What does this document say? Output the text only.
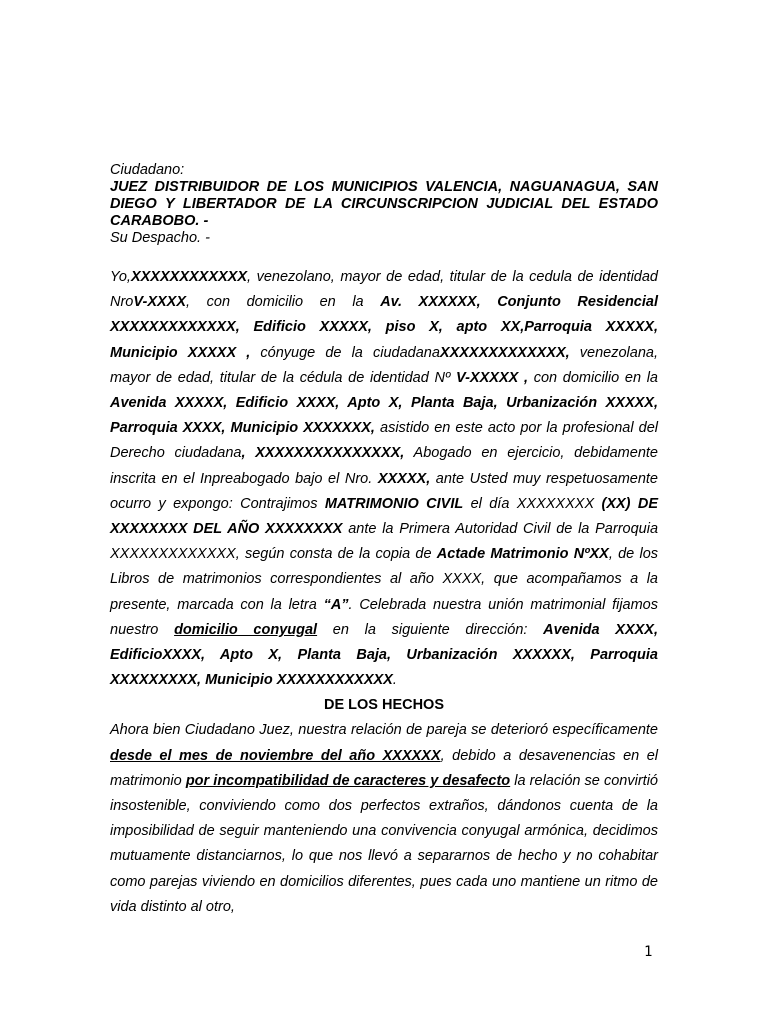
Ciudadano:
JUEZ DISTRIBUIDOR DE LOS MUNICIPIOS VALENCIA, NAGUANAGUA, SAN DIEGO Y LIBERTADOR DE LA CIRCUNSCRIPCION JUDICIAL DEL ESTADO CARABOBO. -
Su Despacho. -

Yo,XXXXXXXXXXXX, venezolano, mayor de edad, titular de la cedula de identidad NroV-XXXX, con domicilio en la Av. XXXXXX, Conjunto Residencial XXXXXXXXXXXXX, Edificio XXXXX, piso X, apto XX,Parroquia XXXXX, Municipio XXXXX , cónyuge de la ciudadanaXXXXXXXXXXXXX, venezolana, mayor de edad, titular de la cédula de identidad Nº V-XXXXX , con domicilio en la Avenida XXXXX, Edificio XXXX, Apto X, Planta Baja, Urbanización XXXXX, Parroquia XXXX, Municipio XXXXXXX, asistido en este acto por la profesional del Derecho ciudadana, XXXXXXXXXXXXXXX, Abogado en ejercicio, debidamente inscrita en el Inpreabogado bajo el Nro. XXXXX, ante Usted muy respetuosamente ocurro y expongo: Contrajimos MATRIMONIO CIVIL el día XXXXXXXX (XX) DE XXXXXXXX DEL AÑO XXXXXXXX ante la Primera Autoridad Civil de la Parroquia XXXXXXXXXXXXX, según consta de la copia de Actade Matrimonio NºXX, de los Libros de matrimonios correspondientes al año XXXX, que acompañamos a la presente, marcada con la letra “A”. Celebrada nuestra unión matrimonial fijamos nuestro domicilio conyugal en la siguiente dirección: Avenida XXXX, EdificioXXXX, Apto X, Planta Baja, Urbanización XXXXXX, Parroquia XXXXXXXXX, Municipio XXXXXXXXXXXX.

DE LOS HECHOS

Ahora bien Ciudadano Juez, nuestra relación de pareja se deterioró específicamente desde el mes de noviembre del año XXXXXX, debido a desavenencias en el matrimonio por incompatibilidad de caracteres y desafecto la relación se convirtió insostenible, conviviendo como dos perfectos extraños, dándonos cuenta de la imposibilidad de seguir manteniendo una convivencia conyugal armónica, decidimos mutuamente distanciarnos, lo que nos llevó a separarnos de hecho y no cohabitar como parejas viviendo en domicilios diferentes, pues cada uno mantiene un ritmo de vida distinto al otro,

1
